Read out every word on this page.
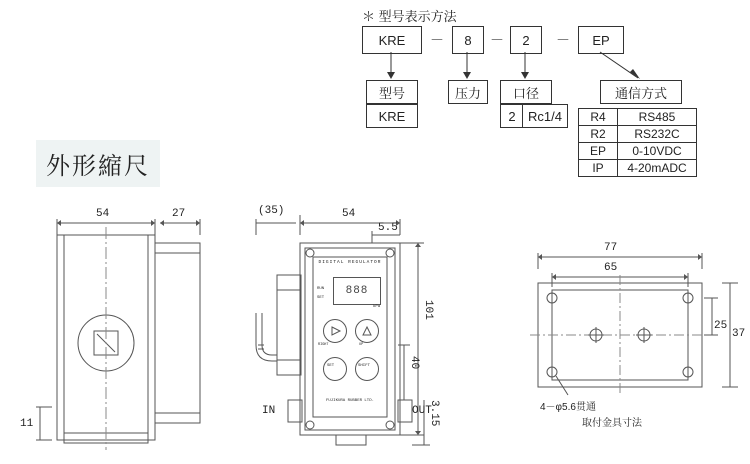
＊ 型号表示方法
KRE	－	8	－	2	－	EP
型号
KRE
压力	口径
2 Rc1/4
通信方式
R4	RS485
R2	RS232C
EP	0-10VDC
IP	4-20mADC
外形縮尺
54	27
11
(35)	54
5.5
101
40
3.15
IN	OUT
77
65
25
37
4－φ5.6贯通
取付金具寸法
DIGITAL REGULATOR
RUN
SET
888
kPa
RIGHT	UP
SET	SHIFT
FUJIKURA RUBBER LTD.
